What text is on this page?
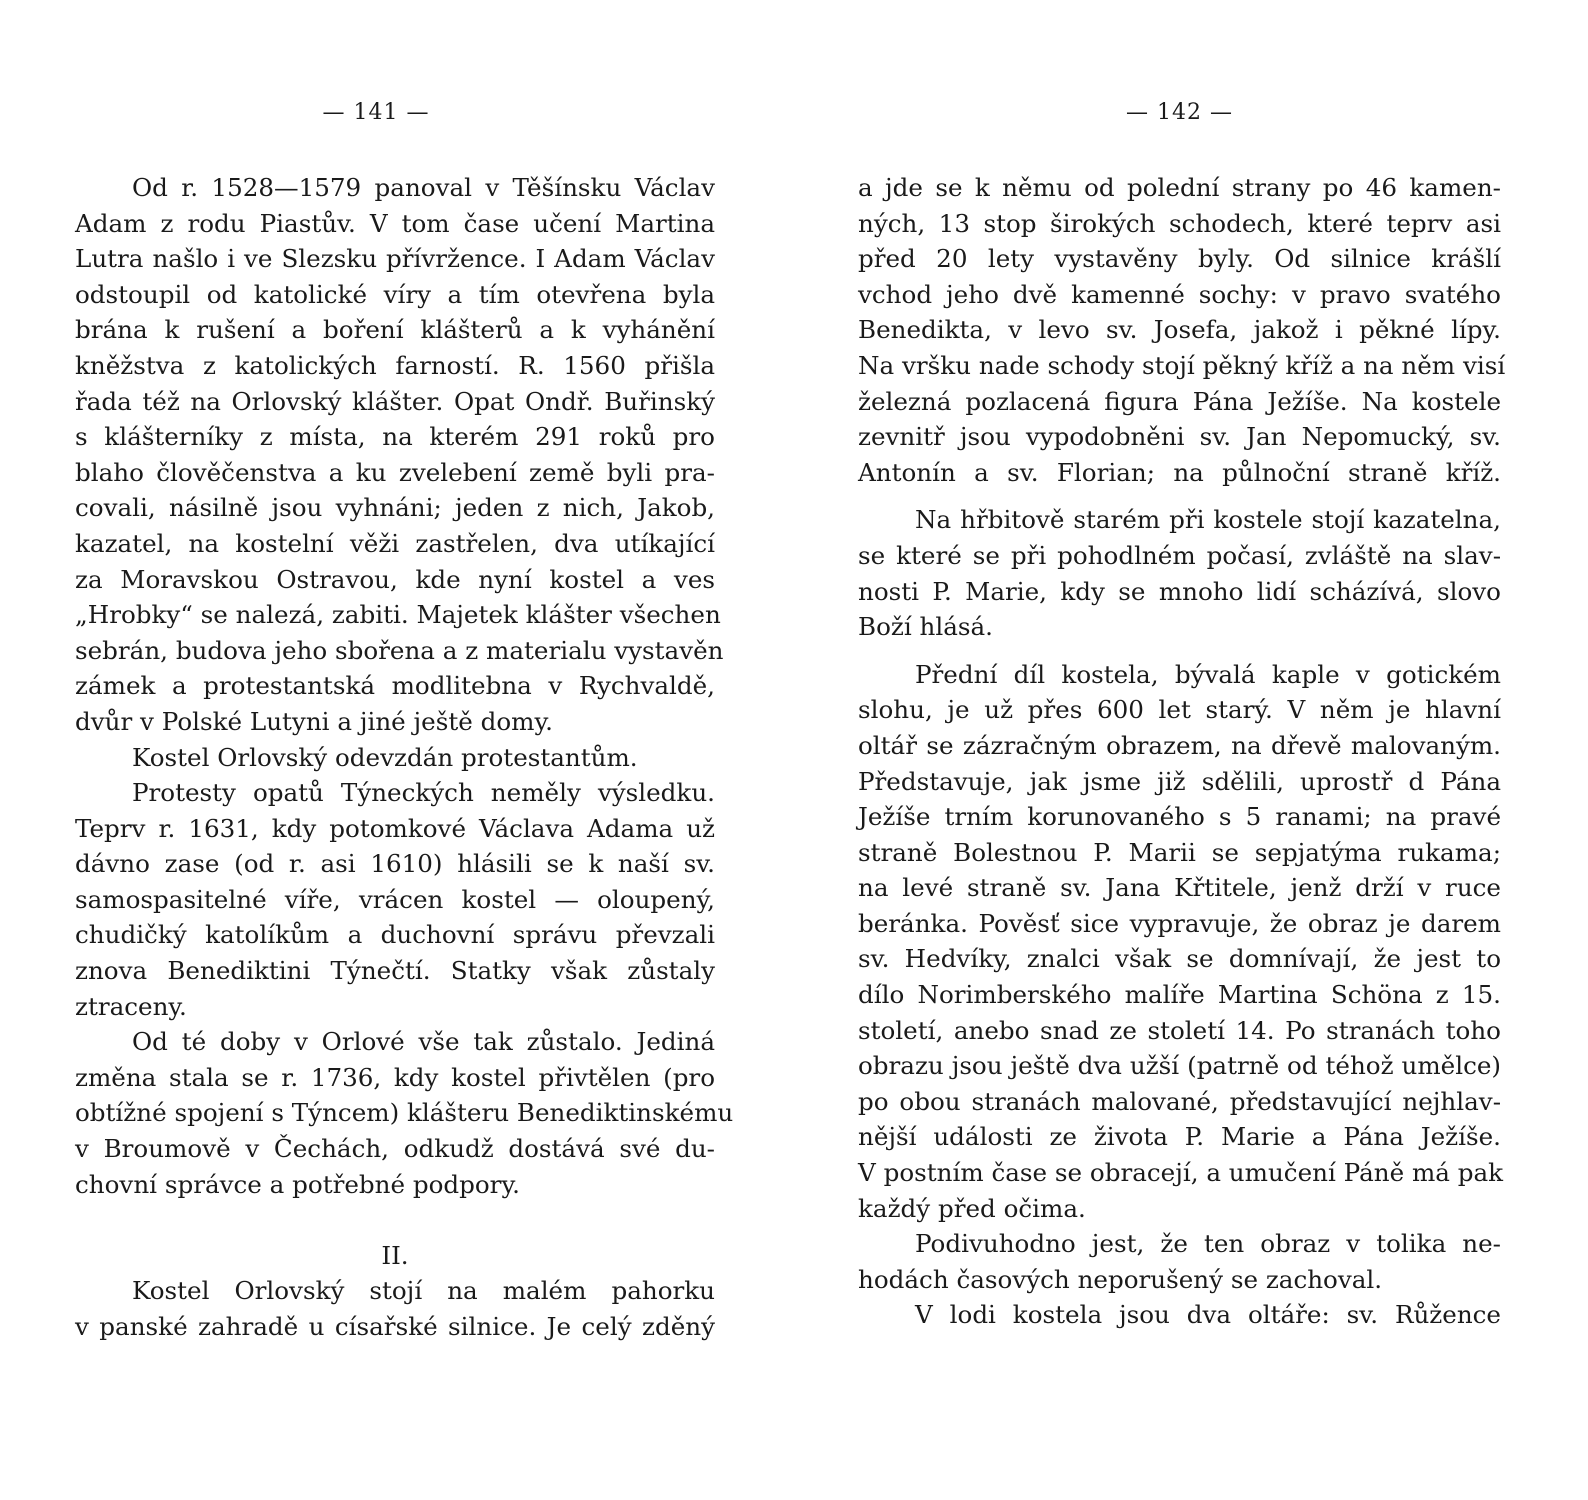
— 141 —
Od r. 1528—1579 panoval v Těšínsku Václav
Adam z rodu Piastův. V tom čase učení Martina
Lutra našlo i ve Slezsku přívržence. I Adam Václav
odstoupil od katolické víry a tím otevřena byla
brána k rušení a boření klášterů a k vyhánění
kněžstva z katolických farností. R. 1560 přišla
řada též na Orlovský klášter. Opat Ondř. Buřinský
s klášterníky z místa, na kterém 291 roků pro
blaho člověčenstva a ku zvelebení země byli pra-
covali, násilně jsou vyhnáni; jeden z nich, Jakob,
kazatel, na kostelní věži zastřelen, dva utíkající
za Moravskou Ostravou, kde nyní kostel a ves
„Hrobky“ se nalezá, zabiti. Majetek klášter všechen
sebrán, budova jeho sbořena a z materialu vystavěn
zámek a protestantská modlitebna v Rychvaldě,
dvůr v Polské Lutyni a jiné ještě domy.
Kostel Orlovský odevzdán protestantům.
Protesty opatů Týneckých neměly výsledku.
Teprv r. 1631, kdy potomkové Václava Adama už
dávno zase (od r. asi 1610) hlásili se k naší sv.
samospasitelné víře, vrácen kostel — oloupený,
chudičký katolíkům a duchovní správu převzali
znova Benediktini Týnečtí. Statky však zůstaly
ztraceny.
Od té doby v Orlové vše tak zůstalo. Jediná
změna stala se r. 1736, kdy kostel přivtělen (pro
obtížné spojení s Týncem) klášteru Benediktinskému
v Broumově v Čechách, odkudž dostává své du-
chovní správce a potřebné podpory.
II.
Kostel Orlovský stojí na malém pahorku
v panské zahradě u císařské silnice. Je celý zděný
— 142 —
a jde se k němu od polední strany po 46 kamen-
ných, 13 stop širokých schodech, které teprv asi
před 20 lety vystavěny byly. Od silnice krášlí
vchod jeho dvě kamenné sochy: v pravo svatého
Benedikta, v levo sv. Josefa, jakož i pěkné lípy.
Na vršku nade schody stojí pěkný kříž a na něm visí
železná pozlacená figura Pána Ježíše. Na kostele
zevnitř jsou vypodobněni sv. Jan Nepomucký, sv.
Antonín a sv. Florian; na půlnoční straně kříž.
Na hřbitově starém při kostele stojí kazatelna,
se které se při pohodlném počasí, zvláště na slav-
nosti P. Marie, kdy se mnoho lidí scházívá, slovo
Boží hlásá.
Přední díl kostela, bývalá kaple v gotickém
slohu, je už přes 600 let starý. V něm je hlavní
oltář se zázračným obrazem, na dřevě malovaným.
Představuje, jak jsme již sdělili, uprostř d Pána
Ježíše trním korunovaného s 5 ranami; na pravé
straně Bolestnou P. Marii se sepjatýma rukama;
na levé straně sv. Jana Křtitele, jenž drží v ruce
beránka. Pověsť sice vypravuje, že obraz je darem
sv. Hedvíky, znalci však se domnívají, že jest to
dílo Norimberského malíře Martina Schöna z 15.
století, anebo snad ze století 14. Po stranách toho
obrazu jsou ještě dva užší (patrně od téhož umělce)
po obou stranách malované, představující nejhlav-
nější události ze života P. Marie a Pána Ježíše.
V postním čase se obracejí, a umučení Páně má pak
každý před očima.
Podivuhodno jest, že ten obraz v tolika ne-
hodách časových neporušený se zachoval.
V lodi kostela jsou dva oltáře: sv. Růžence
